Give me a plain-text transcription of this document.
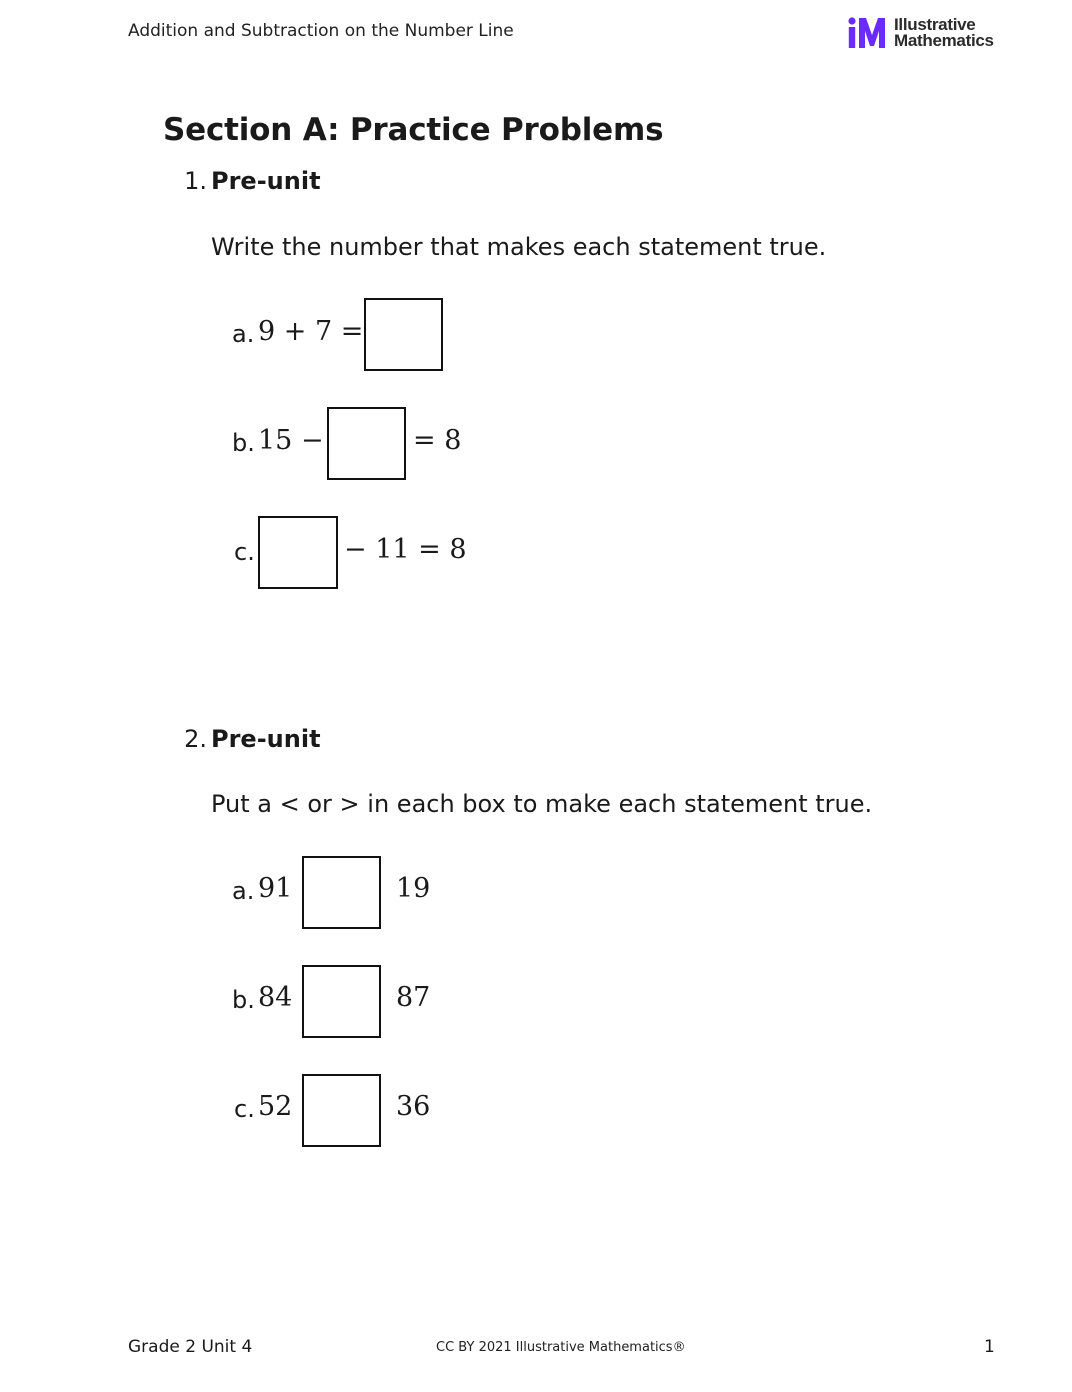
Addition and Subtraction on the Number Line	Illustrative
Mathematics
Section A: Practice Problems
1. Pre-unit
Write the number that makes each statement true.
a. 9 + 7 =
b. 15 −	= 8
c.	− 11 = 8
2. Pre-unit
Put a < or > in each box to make each statement true.
a. 91	19
b. 84	87
c. 52	36
Grade 2 Unit 4	CC BY 2021 Illustrative Mathematics®	1
